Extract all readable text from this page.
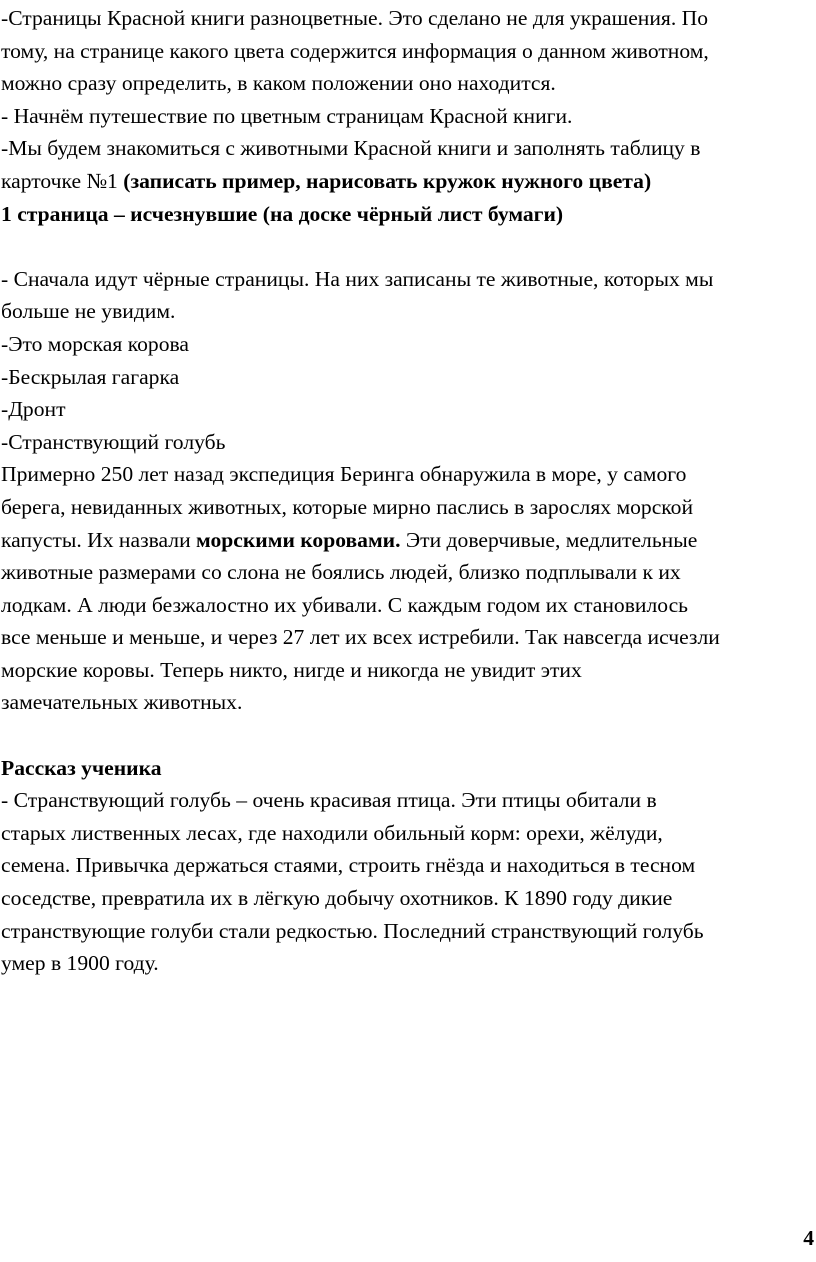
-Страницы Красной книги разноцветные. Это сделано не для украшения. По
тому, на странице какого цвета содержится информация о данном животном,
можно сразу определить, в каком положении оно находится.
- Начнём путешествие по цветным страницам Красной книги.
-Мы будем знакомиться с животными Красной книги и заполнять таблицу в
карточке №1 (записать пример, нарисовать кружок нужного цвета)
1 страница – исчезнувшие (на доске чёрный лист бумаги)
- Сначала идут чёрные страницы. На них записаны те животные, которых мы
больше не увидим.
-Это морская корова
-Бескрылая гагарка
-Дронт
-Странствующий голубь
Примерно 250 лет назад экспедиция Беринга обнаружила в море, у самого
берега, невиданных животных, которые мирно паслись в зарослях морской
капусты. Их назвали морскими коровами. Эти доверчивые, медлительные
животные размерами со слона не боялись людей, близко подплывали к их
лодкам. А люди безжалостно их убивали. С каждым годом их становилось
все меньше и меньше, и через 27 лет их всех истребили. Так навсегда исчезли
морские коровы. Теперь никто, нигде и никогда не увидит этих
замечательных животных.
Рассказ ученика
- Странствующий голубь – очень красивая птица. Эти птицы обитали в
старых лиственных лесах, где находили обильный корм: орехи, жёлуди,
семена. Привычка держаться стаями, строить гнёзда и находиться в тесном
соседстве, превратила их в лёгкую добычу охотников. К 1890 году дикие
странствующие голуби стали редкостью. Последний странствующий голубь
умер в 1900 году.
4
